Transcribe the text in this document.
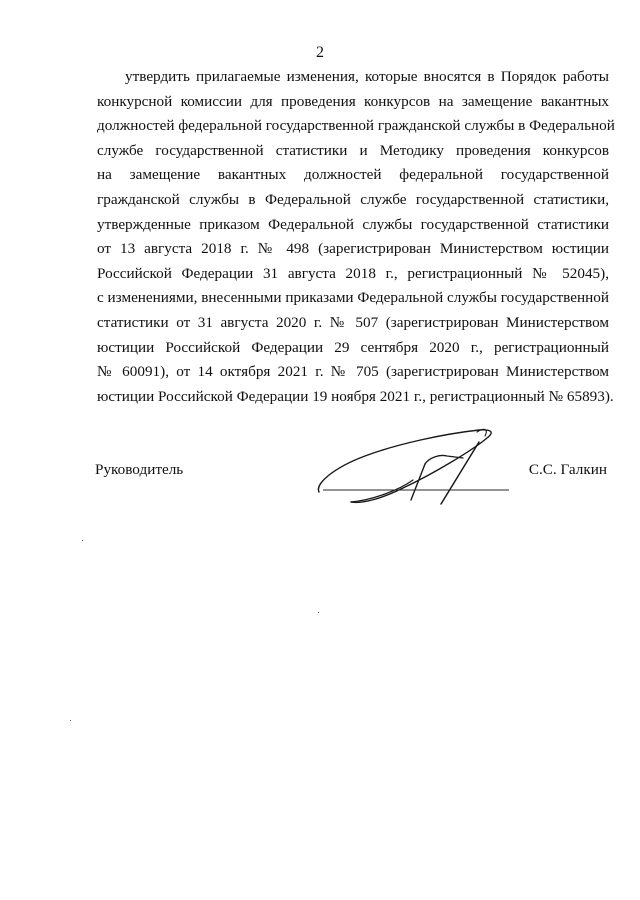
2
утвердить прилагаемые изменения, которые вносятся в Порядок работы
конкурсной комиссии для проведения конкурсов на замещение вакантных
должностей федеральной государственной гражданской службы в Федеральной
службе государственной статистики и Методику проведения конкурсов
на замещение вакантных должностей федеральной государственной
гражданской службы в Федеральной службе государственной статистики,
утвержденные приказом Федеральной службы государственной статистики
от 13 августа 2018 г. № 498 (зарегистрирован Министерством юстиции
Российской Федерации 31 августа 2018 г., регистрационный № 52045),
с изменениями, внесенными приказами Федеральной службы государственной
статистики от 31 августа 2020 г. № 507 (зарегистрирован Министерством
юстиции Российской Федерации 29 сентября 2020 г., регистрационный
№ 60091), от 14 октября 2021 г. № 705 (зарегистрирован Министерством
юстиции Российской Федерации 19 ноября 2021 г., регистрационный № 65893).
Руководитель	С.С. Галкин
